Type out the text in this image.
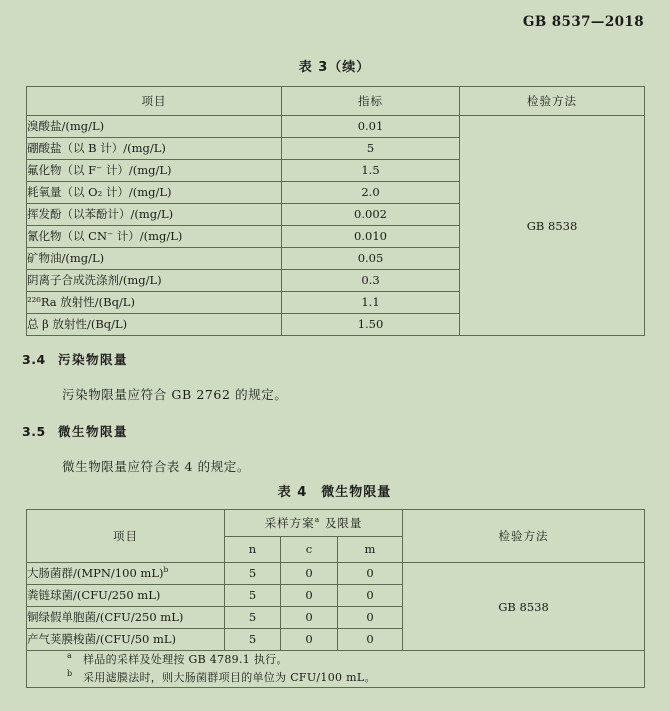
GB 8537—2018
表 3（续）
项目	指标	检验方法
溴酸盐/(mg/L)	0.01	GB 8538
硼酸盐（以 B 计）/(mg/L)	5	
氟化物（以 F⁻ 计）/(mg/L)	1.5	
耗氧量（以 O₂ 计）/(mg/L)	2.0	
挥发酚（以苯酚计）/(mg/L)	0.002	
氰化物（以 CN⁻ 计）/(mg/L)	0.010	
矿物油/(mg/L)	0.05	
阴离子合成洗涤剂/(mg/L)	0.3	
²²⁶Ra 放射性/(Bq/L)	1.1	
总 β 放射性/(Bq/L)	1.50	
3.4 污染物限量
污染物限量应符合 GB 2762 的规定。
3.5 微生物限量
微生物限量应符合表 4 的规定。
表 4　微生物限量
项目	采样方案$^a$ 及限量			检验方法
	n	c	m	
大肠菌群/(MPN/100 mL)$^b$	5	0	0	GB 8538
粪链球菌/(CFU/250 mL)	5	0	0	
铜绿假单胞菌/(CFU/250 mL)	5	0	0	
产气荚膜梭菌/(CFU/50 mL)	5	0	0	

a 样品的采样及处理按 GB 4789.1 执行。
b 采用滤膜法时，则大肠菌群项目的单位为 CFU/100 mL。				
